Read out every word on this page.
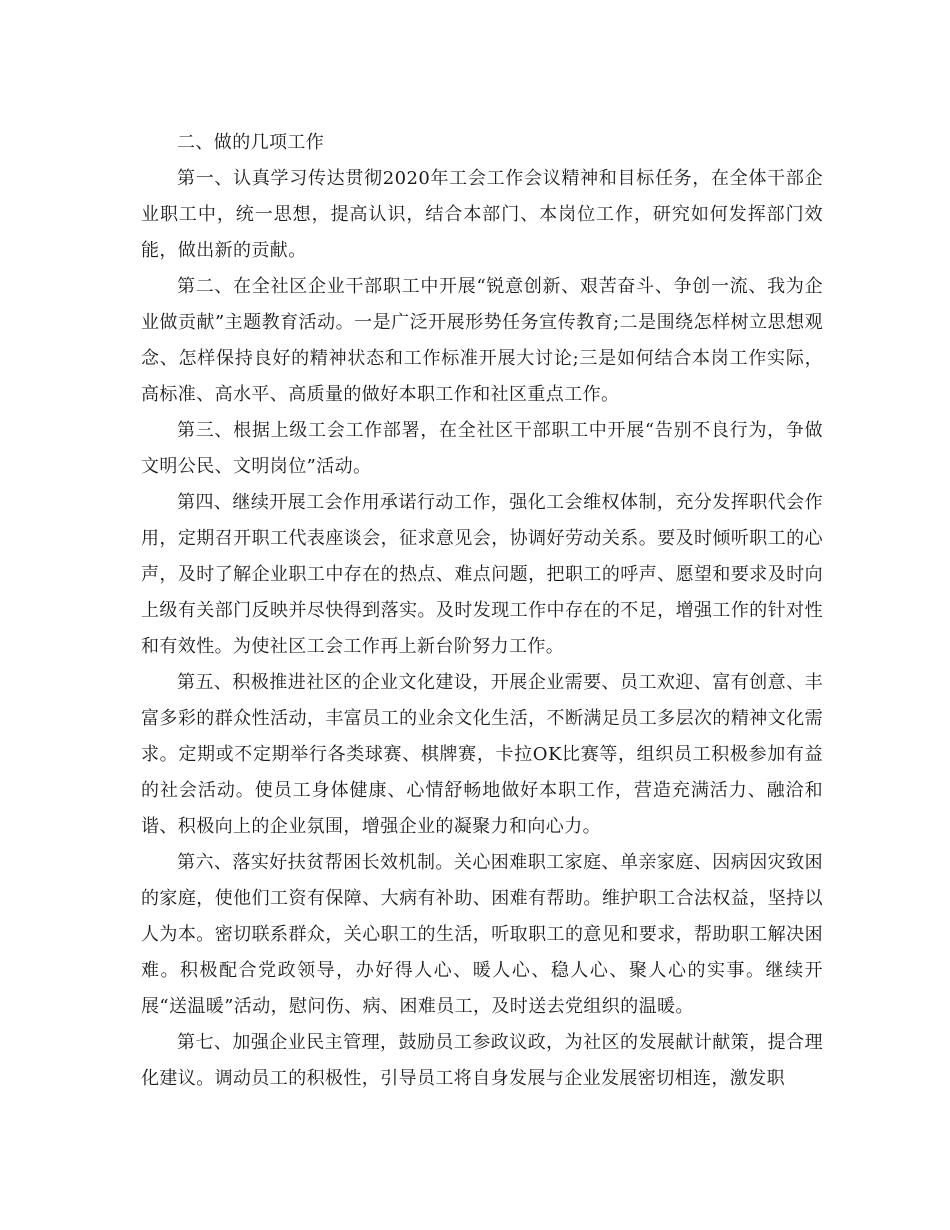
二、做的几项工作

第一、认真学习传达贯彻2020年工会工作会议精神和目标任务，在全体干部企业职工中，统一思想，提高认识，结合本部门、本岗位工作，研究如何发挥部门效能，做出新的贡献。

第二、在全社区企业干部职工中开展“锐意创新、艰苦奋斗、争创一流、我为企业做贡献”主题教育活动。一是广泛开展形势任务宣传教育;二是围绕怎样树立思想观念、怎样保持良好的精神状态和工作标准开展大讨论;三是如何结合本岗工作实际，高标准、高水平、高质量的做好本职工作和社区重点工作。

第三、根据上级工会工作部署，在全社区干部职工中开展“告别不良行为，争做文明公民、文明岗位”活动。

第四、继续开展工会作用承诺行动工作，强化工会维权体制，充分发挥职代会作用，定期召开职工代表座谈会，征求意见会，协调好劳动关系。要及时倾听职工的心声，及时了解企业职工中存在的热点、难点问题，把职工的呼声、愿望和要求及时向上级有关部门反映并尽快得到落实。及时发现工作中存在的不足，增强工作的针对性和有效性。为使社区工会工作再上新台阶努力工作。

第五、积极推进社区的企业文化建设，开展企业需要、员工欢迎、富有创意、丰富多彩的群众性活动，丰富员工的业余文化生活，不断满足员工多层次的精神文化需求。定期或不定期举行各类球赛、棋牌赛，卡拉OK比赛等，组织员工积极参加有益的社会活动。使员工身体健康、心情舒畅地做好本职工作，营造充满活力、融洽和谐、积极向上的企业氛围，增强企业的凝聚力和向心力。

第六、落实好扶贫帮困长效机制。关心困难职工家庭、单亲家庭、因病因灾致困的家庭，使他们工资有保障、大病有补助、困难有帮助。维护职工合法权益，坚持以人为本。密切联系群众，关心职工的生活，听取职工的意见和要求，帮助职工解决困难。积极配合党政领导，办好得人心、暖人心、稳人心、聚人心的实事。继续开展“送温暖”活动，慰问伤、病、困难员工，及时送去党组织的温暖。

第七、加强企业民主管理，鼓励员工参政议政，为社区的发展献计献策，提合理化建议。调动员工的积极性，引导员工将自身发展与企业发展密切相连，激发职
